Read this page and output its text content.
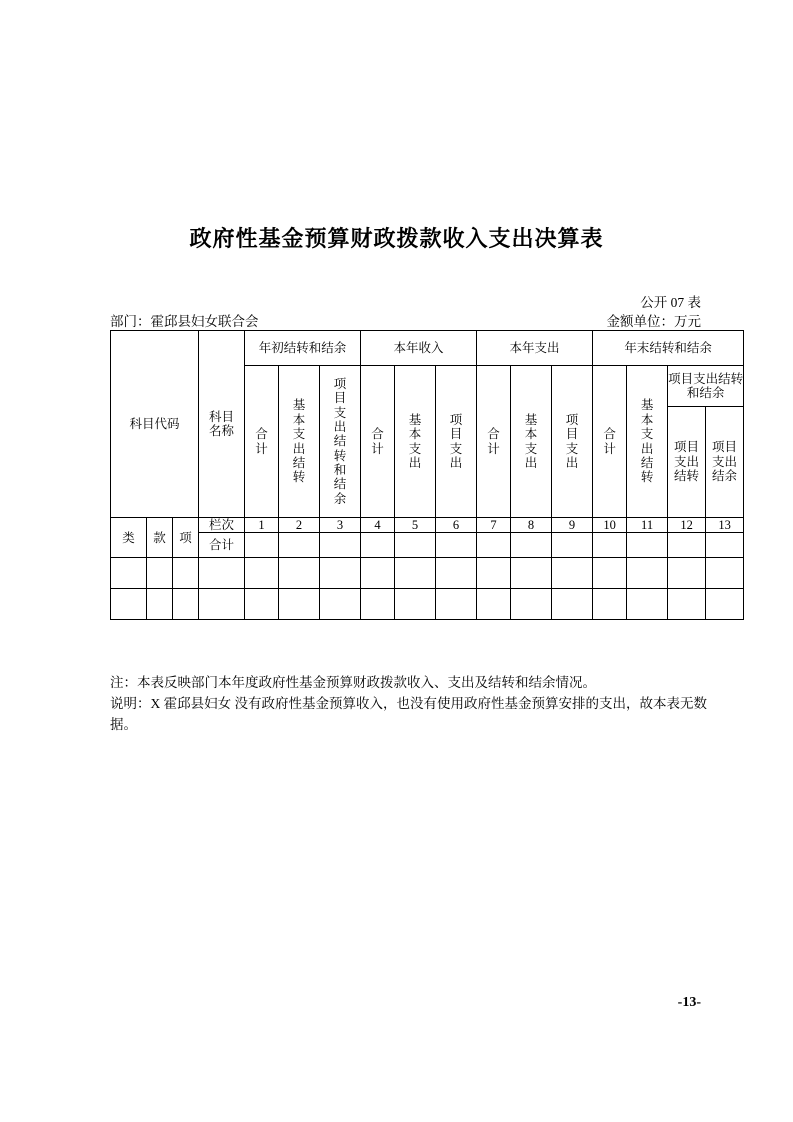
政府性基金预算财政拨款收入支出决算表
公开 07 表
金额单位：万元
部门：霍邱县妇女联合会
科目代码			科目名称	年初结转和结余			本年收入			本年支出			年末结转和结余			
				合计	基本支出结转	项目支出结转和结余	合计	基本支出	项目支出	合计	基本支出	项目支出	合计	基本支出结转	项目支出结转和结余	
															项目支出结转	项目支出结余

类	款	项	栏次	1	2	3	4	5	6	7	8	9	10	11	12	13
			合计													

注：本表反映部门本年度政府性基金预算财政拨款收入、支出及结转和结余情况。
说明：X 霍邱县妇女 没有政府性基金预算收入，也没有使用政府性基金预算安排的支出，故本表无数据。
-13-
